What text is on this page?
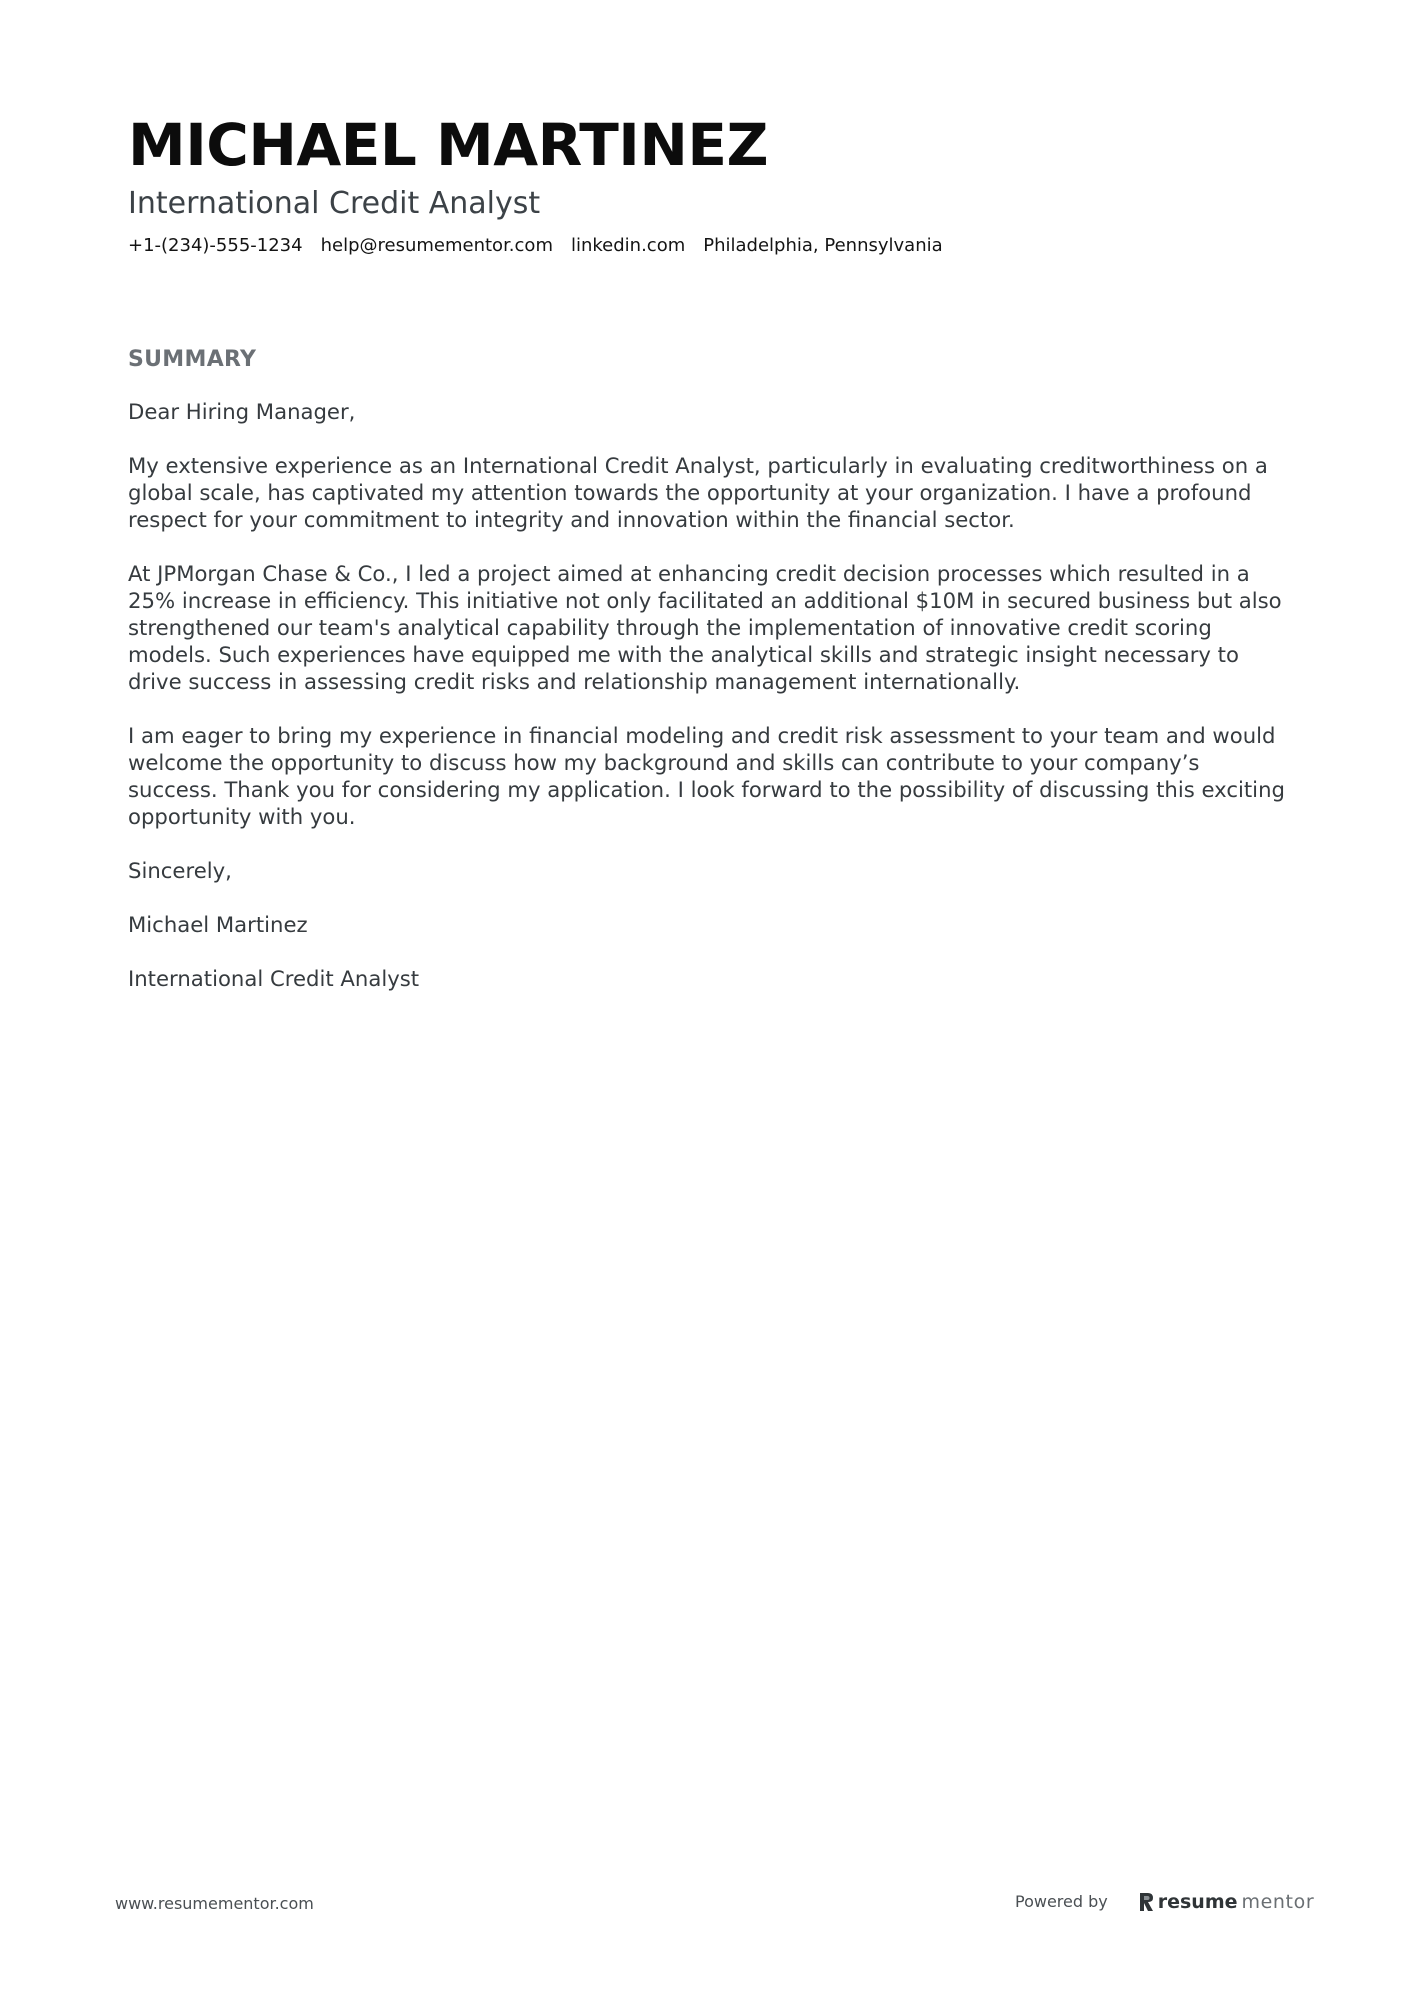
MICHAEL MARTINEZ
International Credit Analyst
+1-(234)-555-1234 help@resumementor.com linkedin.com Philadelphia, Pennsylvania
SUMMARY

Dear Hiring Manager,

My extensive experience as an International Credit Analyst, particularly in evaluating creditworthiness on a global scale, has captivated my attention towards the opportunity at your organization. I have a profound respect for your commitment to integrity and innovation within the financial sector.

At JPMorgan Chase & Co., I led a project aimed at enhancing credit decision processes which resulted in a 25% increase in efficiency. This initiative not only facilitated an additional $10M in secured business but also strengthened our team's analytical capability through the implementation of innovative credit scoring models. Such experiences have equipped me with the analytical skills and strategic insight necessary to drive success in assessing credit risks and relationship management internationally.

I am eager to bring my experience in financial modeling and credit risk assessment to your team and would welcome the opportunity to discuss how my background and skills can contribute to your company’s success. Thank you for considering my application. I look forward to the possibility of discussing this exciting opportunity with you.

Sincerely,

Michael Martinez

International Credit Analyst

www.resumementor.com	Powered by	resume mentor
